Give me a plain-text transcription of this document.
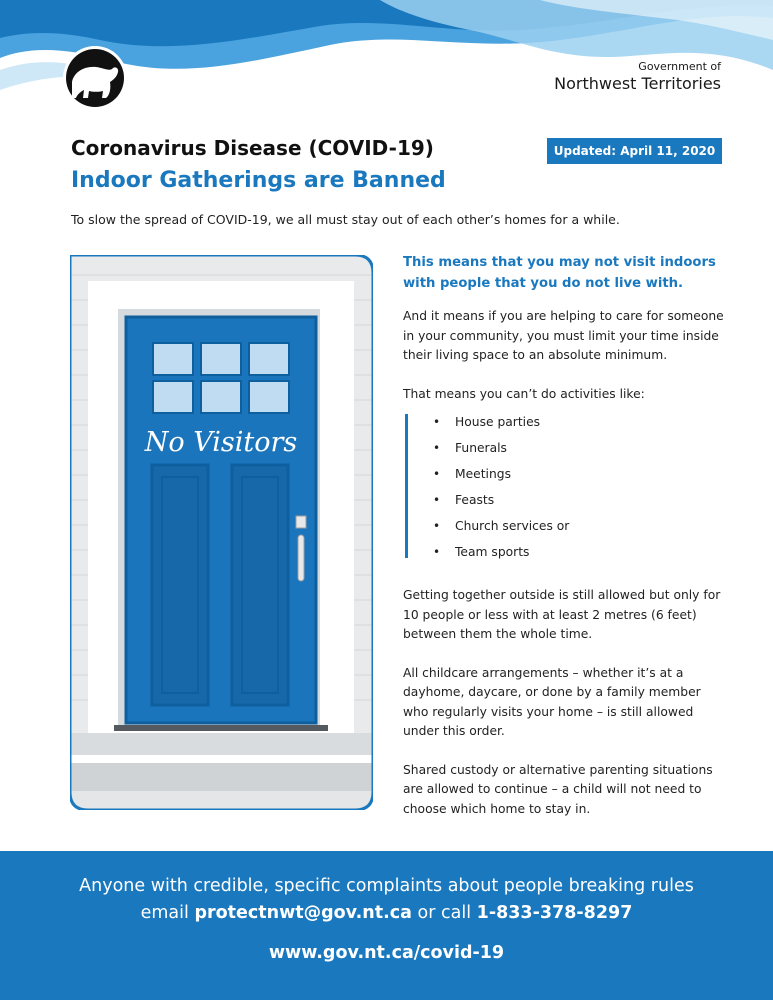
Government of
Northwest Territories
Coronavirus Disease (COVID-19)
Indoor Gatherings are Banned
Updated: April 11, 2020
To slow the spread of COVID-19, we all must stay out of each other’s homes for a while.
No Visitors

This means that you may not visit indoors with people that you do not live with.

And it means if you are helping to care for someone in your community, you must limit your time inside their living space to an absolute minimum.

That means you can’t do activities like:

• House parties
• Funerals
• Meetings
• Feasts
• Church services or
• Team sports

Getting together outside is still allowed but only for 10 people or less with at least 2 metres (6 feet) between them the whole time.

All childcare arrangements – whether it’s at a dayhome, daycare, or done by a family member who regularly visits your home – is still allowed under this order.

Shared custody or alternative parenting situations are allowed to continue – a child will not need to choose which home to stay in.

Anyone with credible, specific complaints about people breaking rules
email protectnwt@gov.nt.ca or call 1-833-378-8297
www.gov.nt.ca/covid-19
